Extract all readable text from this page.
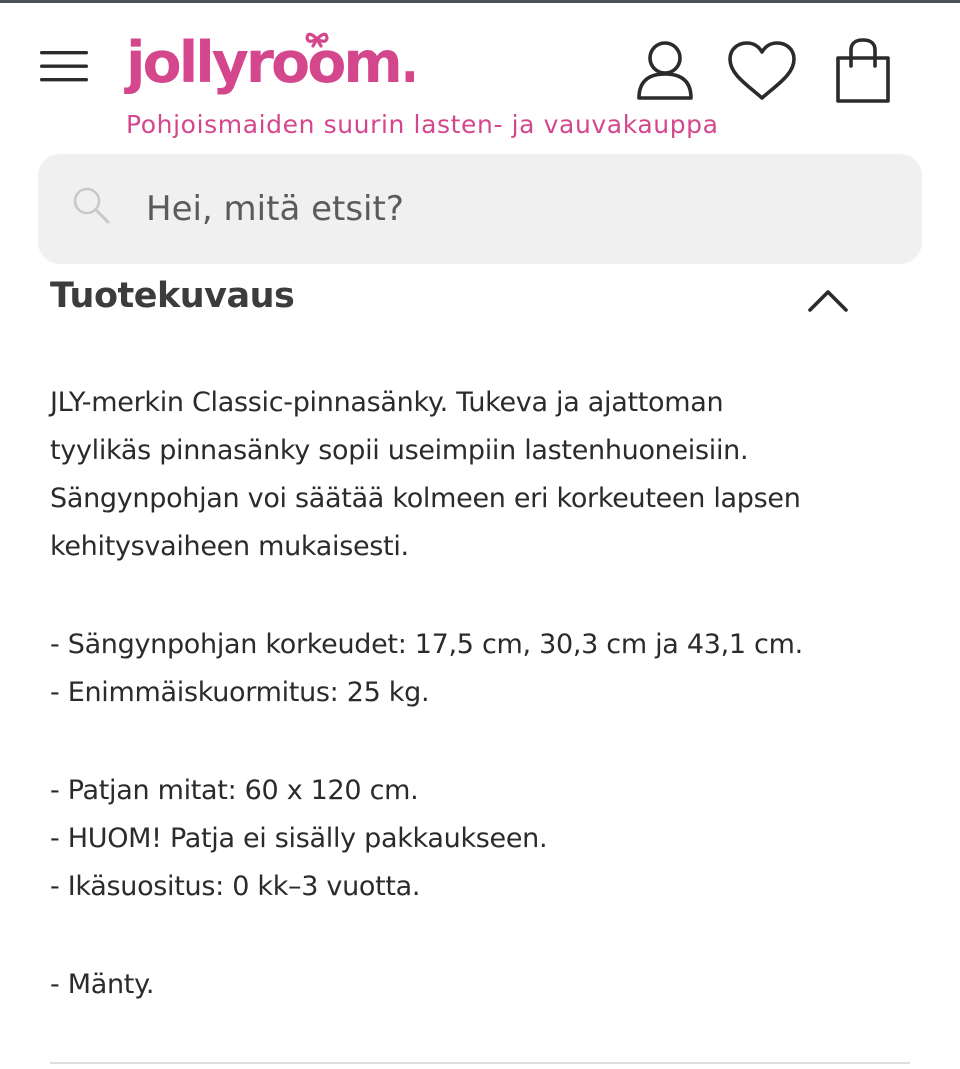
jollyroom.
Pohjoismaiden suurin lasten- ja vauvakauppa
Hei, mitä etsit?
Tuotekuvaus
JLY-merkin Classic-pinnasänky. Tukeva ja ajattoman
tyylikäs pinnasänky sopii useimpiin lastenhuoneisiin.
Sängynpohjan voi säätää kolmeen eri korkeuteen lapsen
kehitysvaiheen mukaisesti.
- Sängynpohjan korkeudet: 17,5 cm, 30,3 cm ja 43,1 cm.
- Enimmäiskuormitus: 25 kg.
- Patjan mitat: 60 x 120 cm.
- HUOM! Patja ei sisälly pakkaukseen.
- Ikäsuositus: 0 kk–3 vuotta.
- Mänty.
